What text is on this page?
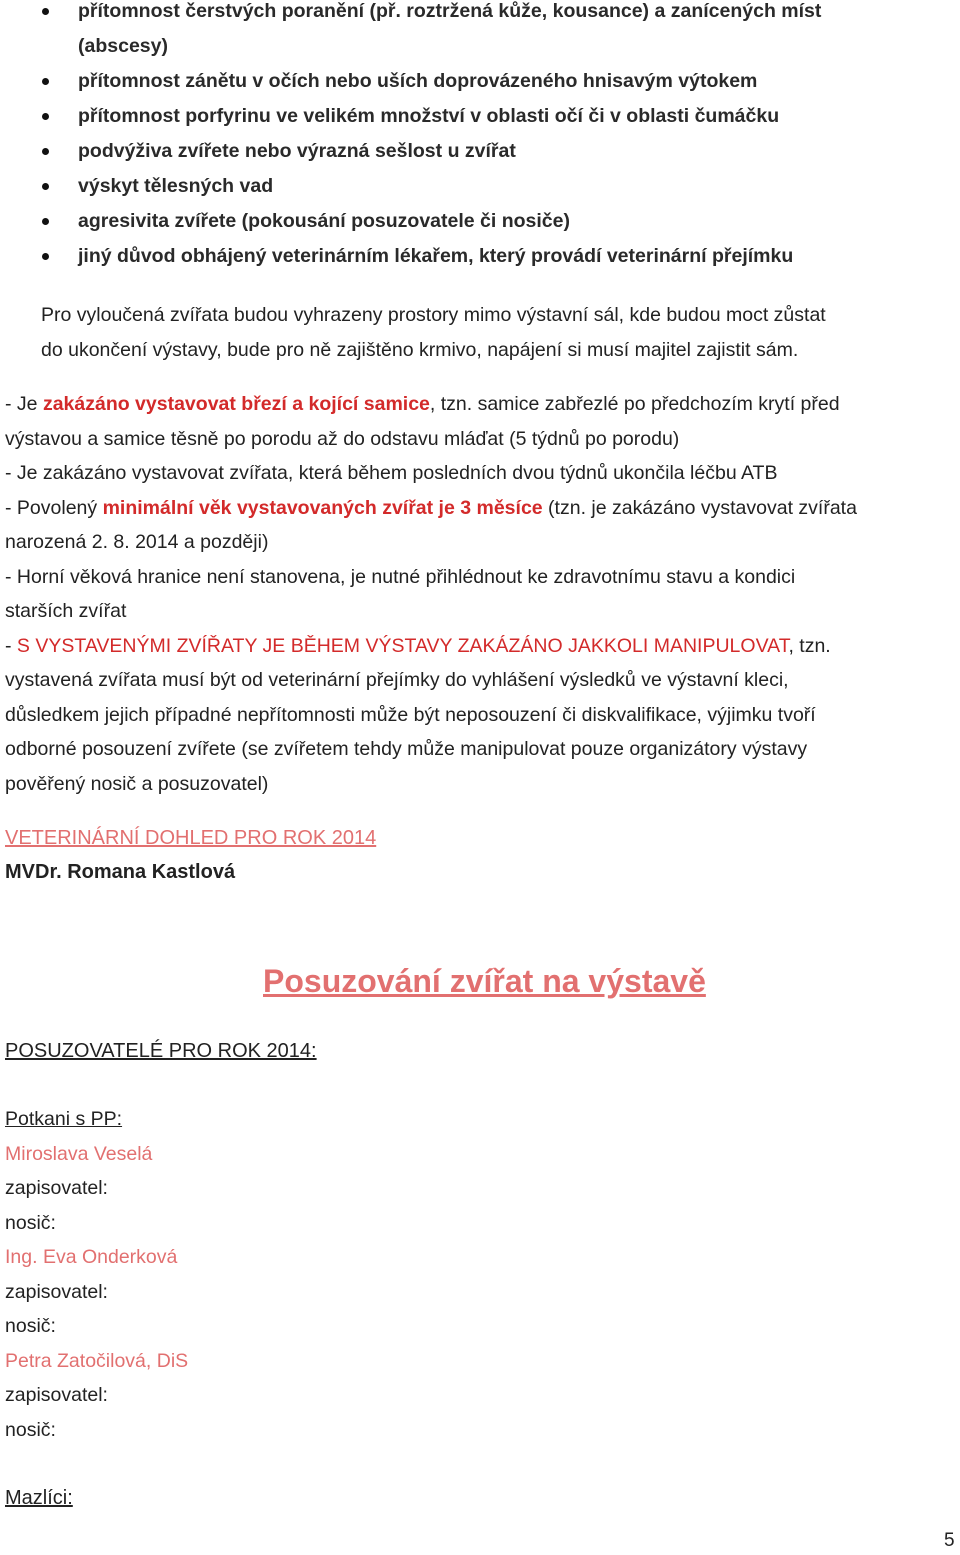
přítomnost čerstvých poranění (př. roztržená kůže, kousance) a zanícených míst
(abscesy)
přítomnost zánětu v očích nebo uších doprovázeného hnisavým výtokem
přítomnost porfyrinu ve velikém množství v oblasti očí či v oblasti čumáčku
podvýživa zvířete nebo výrazná sešlost u zvířat
výskyt tělesných vad
agresivita zvířete (pokousání posuzovatele či nosiče)
jiný důvod obhájený veterinárním lékařem, který provádí veterinární přejímku
Pro vyloučená zvířata budou vyhrazeny prostory mimo výstavní sál, kde budou moct zůstat
do ukončení výstavy, bude pro ně zajištěno krmivo, napájení si musí majitel zajistit sám.
- Je zakázáno vystavovat březí a kojící samice, tzn. samice zabřezlé po předchozím krytí před
výstavou a samice těsně po porodu až do odstavu mláďat (5 týdnů po porodu)
- Je zakázáno vystavovat zvířata, která během posledních dvou týdnů ukončila léčbu ATB
- Povolený minimální věk vystavovaných zvířat je 3 měsíce (tzn. je zakázáno vystavovat zvířata
narozená 2. 8. 2014 a později)
- Horní věková hranice není stanovena, je nutné přihlédnout ke zdravotnímu stavu a kondici
starších zvířat
- S VYSTAVENÝMI ZVÍŘATY JE BĚHEM VÝSTAVY ZAKÁZÁNO JAKKOLI MANIPULOVAT, tzn.
vystavená zvířata musí být od veterinární přejímky do vyhlášení výsledků ve výstavní kleci,
důsledkem jejich případné nepřítomnosti může být neposouzení či diskvalifikace, výjimku tvoří
odborné posouzení zvířete (se zvířetem tehdy může manipulovat pouze organizátory výstavy
pověřený nosič a posuzovatel)
VETERINÁRNÍ DOHLED PRO ROK 2014
MVDr. Romana Kastlová
Posuzování zvířat na výstavě
POSUZOVATELÉ PRO ROK 2014:
Potkani s PP:
Miroslava Veselá
zapisovatel:
nosič:
Ing. Eva Onderková
zapisovatel:
nosič:
Petra Zatočilová, DiS
zapisovatel:
nosič:
Mazlíci:
5
